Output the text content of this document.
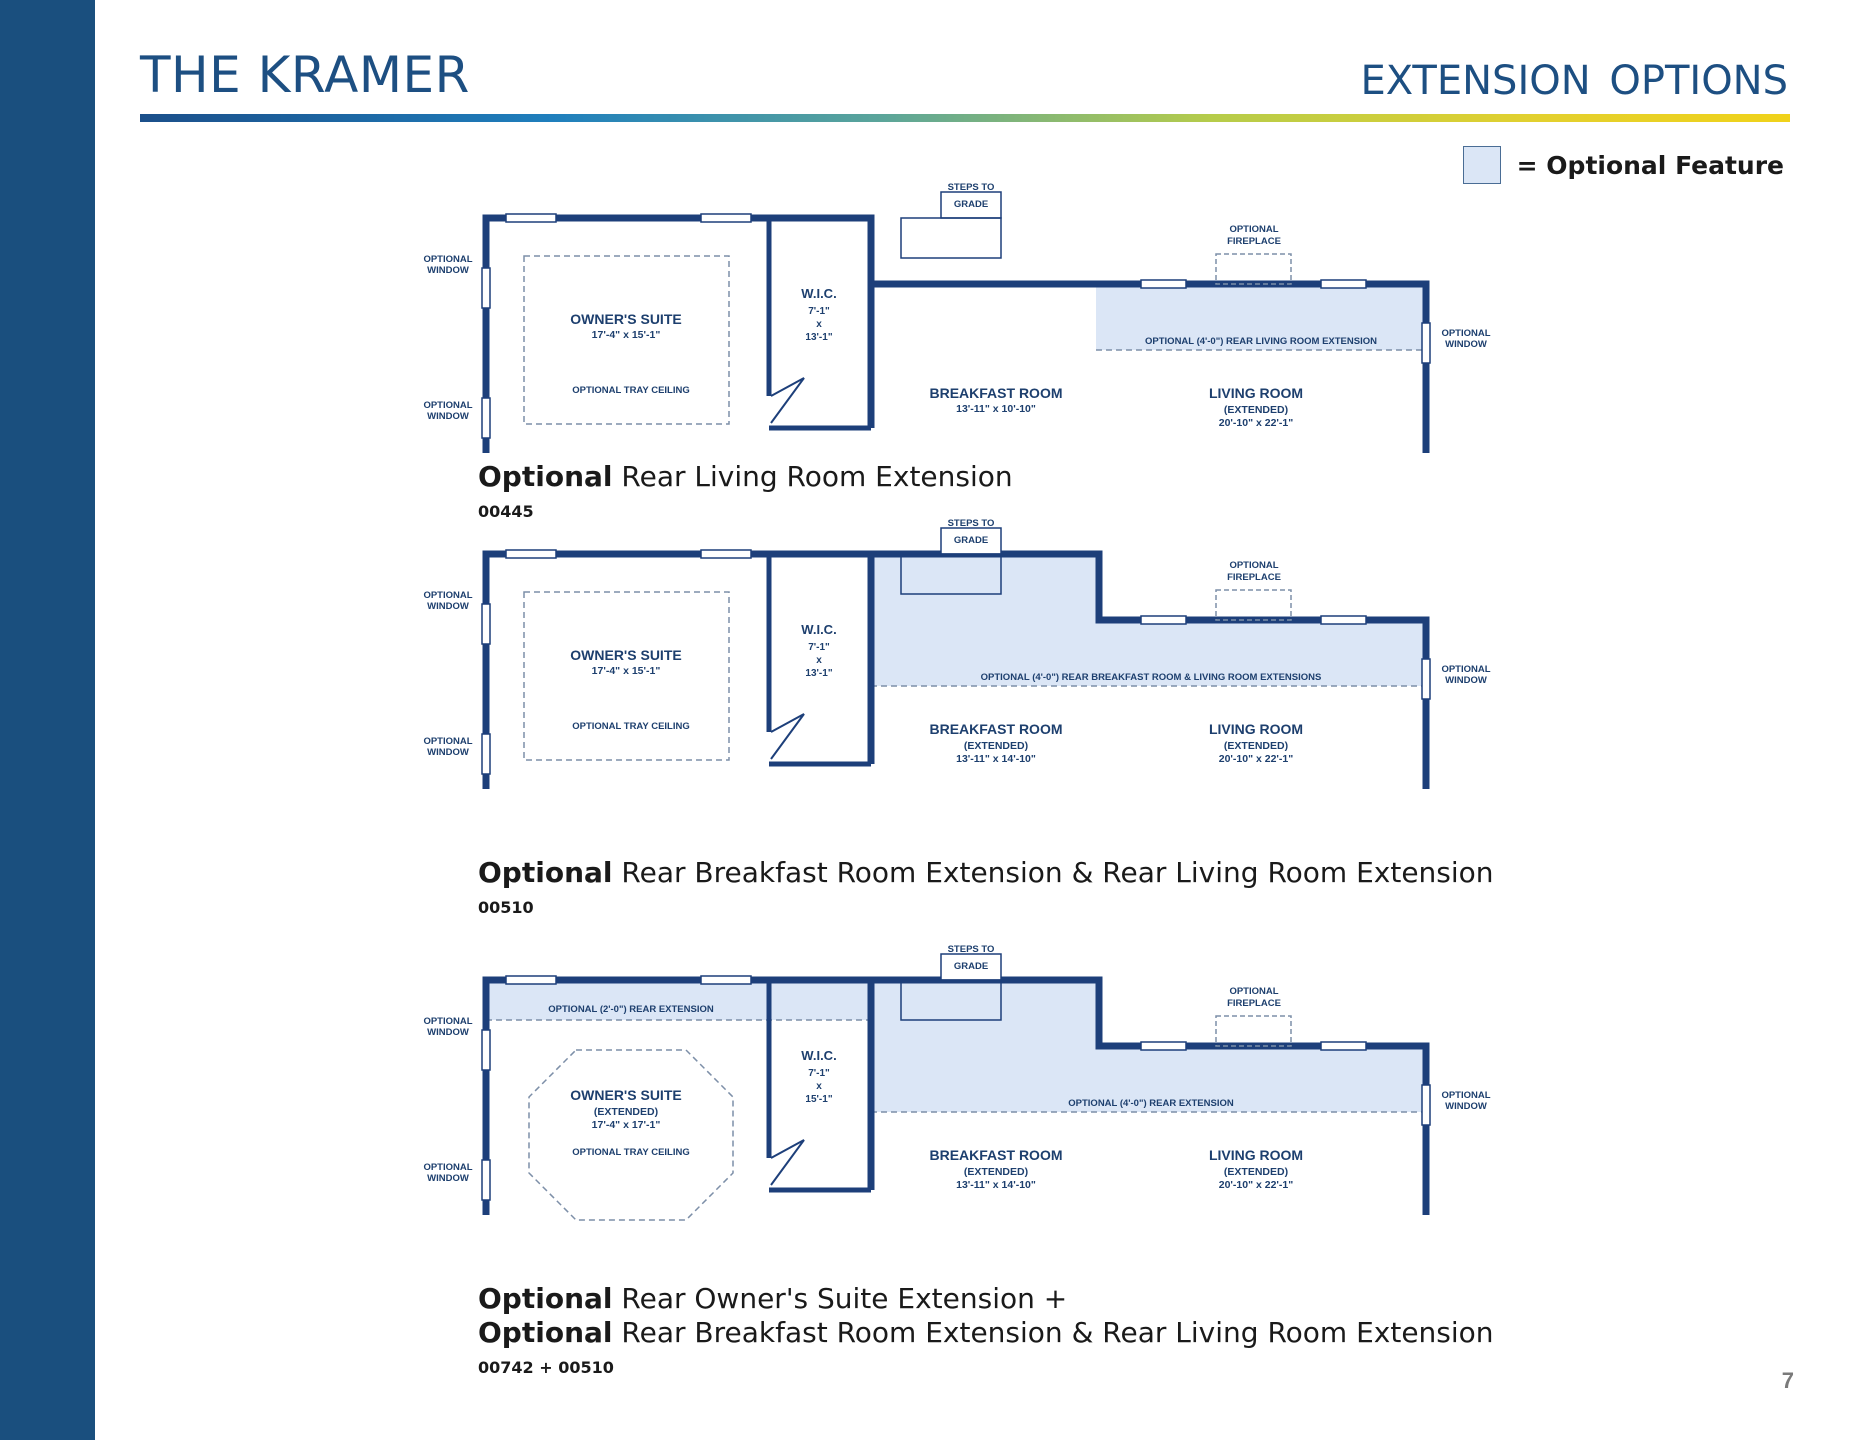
THE KRAMER	EXTENSION OPTIONS
= Optional Feature
OPTIONAL
WINDOW
OPTIONAL
WINDOW
OPTIONAL
WINDOW
STEPS TO
GRADE
OPTIONAL
FIREPLACE
W.I.C.
7'-1"
x
13'-1"
OWNER'S SUITE
17'-4" x 15'-1"
OPTIONAL TRAY CEILING	BREAKFAST ROOM
13'-11" x 10'-10"
LIVING ROOM
(EXTENDED)
20'-10" x 22'-1"
OPTIONAL (4'-0") REAR LIVING ROOM EXTENSION
Optional Rear Living Room Extension
00445
OPTIONAL
WINDOW
OPTIONAL
WINDOW
OPTIONAL
WINDOW
STEPS TO
GRADE
OPTIONAL
FIREPLACE
W.I.C.
7'-1"
x
13'-1"
OWNER'S SUITE
17'-4" x 15'-1"
OPTIONAL TRAY CEILING	BREAKFAST ROOM
(EXTENDED)
13'-11" x 14'-10"
LIVING ROOM
(EXTENDED)
20'-10" x 22'-1"
OPTIONAL (4'-0") REAR BREAKFAST ROOM & LIVING ROOM EXTENSIONS
Optional Rear Breakfast Room Extension & Rear Living Room Extension
00510
OPTIONAL
WINDOW
OPTIONAL
WINDOW
OPTIONAL
WINDOW
STEPS TO
GRADE
OPTIONAL
FIREPLACE
W.I.C.
7'-1"
x
15'-1"
OWNER'S SUITE
(EXTENDED)
17'-4" x 17'-1"
OPTIONAL TRAY CEILING	BREAKFAST ROOM
(EXTENDED)
13'-11" x 14'-10"
LIVING ROOM
(EXTENDED)
20'-10" x 22'-1"
OPTIONAL (4'-0") REAR EXTENSION
OPTIONAL (2'-0") REAR EXTENSION
Optional Rear Owner's Suite Extension +
Optional Rear Breakfast Room Extension & Rear Living Room Extension
00742 + 00510
7
